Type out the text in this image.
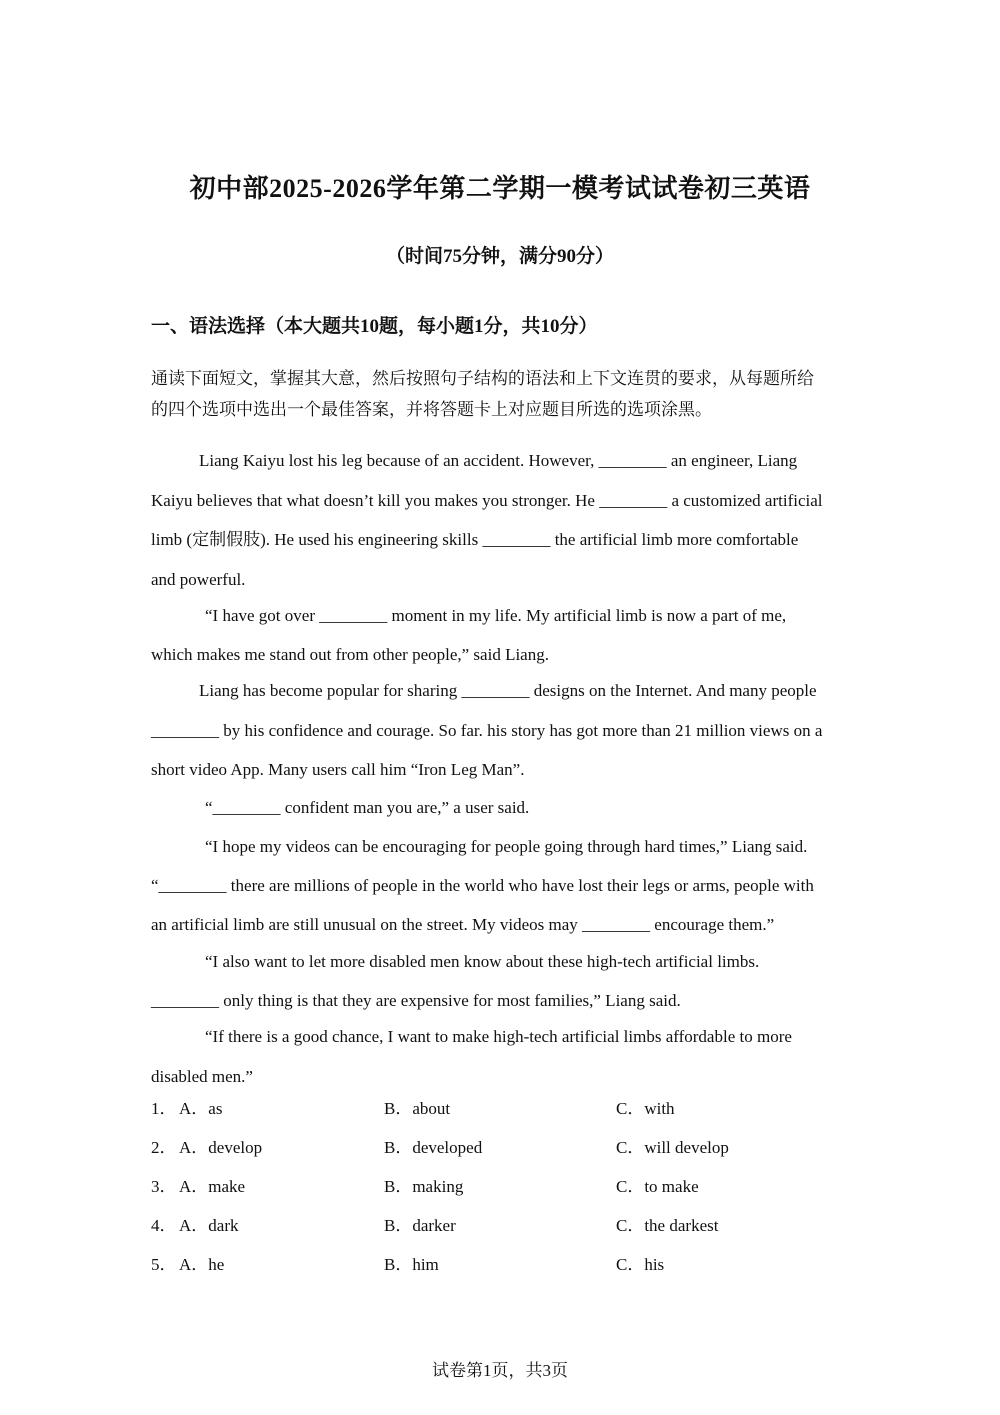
初中部2025-2026学年第二学期一模考试试卷初三英语
（时间75分钟，满分90分）
一、语法选择（本大题共10题，每小题1分，共10分）
通读下面短文，掌握其大意，然后按照句子结构的语法和上下文连贯的要求，从每题所给
的四个选项中选出一个最佳答案，并将答题卡上对应题目所选的选项涂黑。
Liang Kaiyu lost his leg because of an accident. However, ________ an engineer, Liang
Kaiyu believes that what doesn’t kill you makes you stronger. He ________ a customized artificial
limb (定制假肢). He used his engineering skills ________ the artificial limb more comfortable
and powerful.
“I have got over ________ moment in my life. My artificial limb is now a part of me,
which makes me stand out from other people,” said Liang.
Liang has become popular for sharing ________ designs on the Internet. And many people
________ by his confidence and courage. So far. his story has got more than 21 million views on a
short video App. Many users call him “Iron Leg Man”.
“________ confident man you are,” a user said.
“I hope my videos can be encouraging for people going through hard times,” Liang said.
“________ there are millions of people in the world who have lost their legs or arms, people with
an artificial limb are still unusual on the street. My videos may ________ encourage them.”
“I also want to let more disabled men know about these high-tech artificial limbs.
________ only thing is that they are expensive for most families,” Liang said.
“If there is a good chance, I want to make high-tech artificial limbs affordable to more
disabled men.”
1． A．as	B．about	C．with
2． A．develop	B．developed	C．will develop
3． A．make	B．making	C．to make
4． A．dark	B．darker	C．the darkest
5． A．he	B．him	C．his
试卷第1页，共3页
